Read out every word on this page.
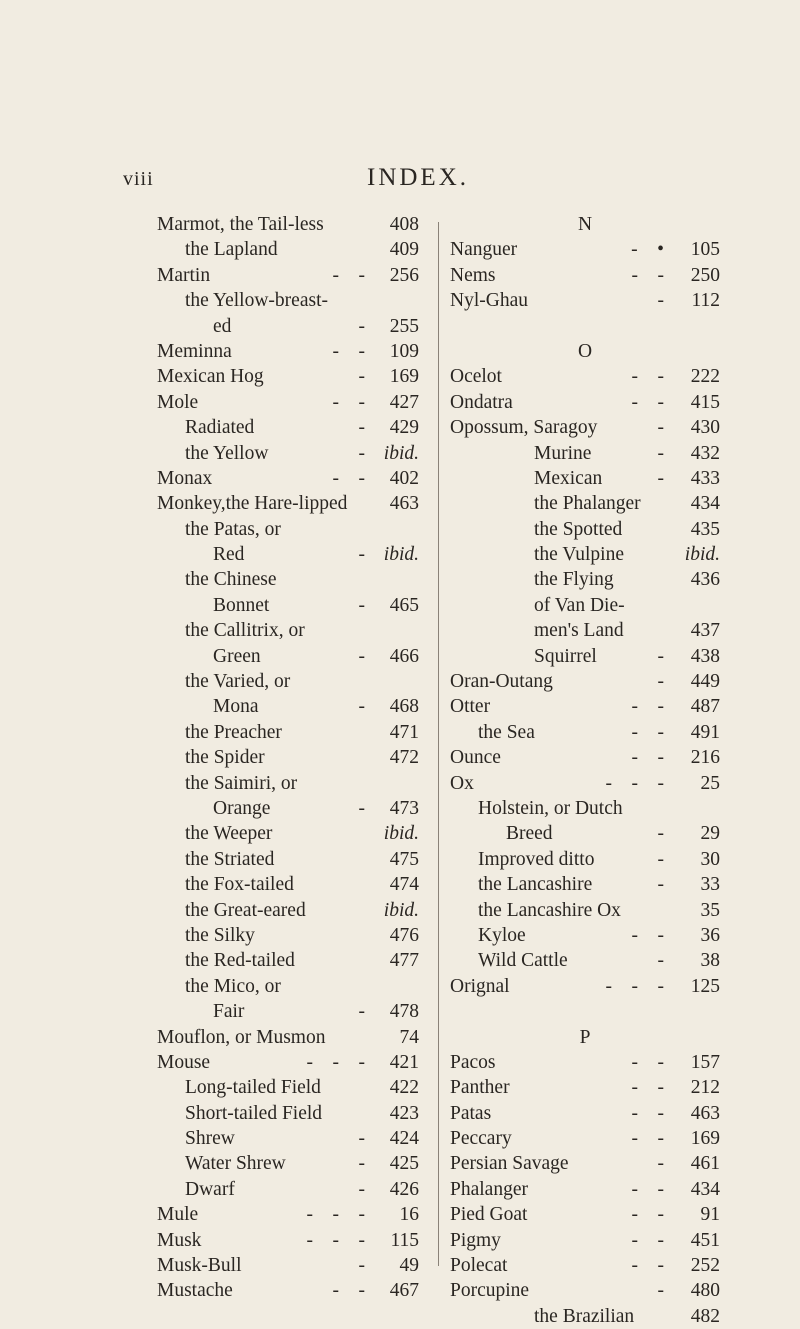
viii	INDEX.
Marmot, the Tail-less	408
the Lapland	409
Martin	-    - 256
the Yellow-breast-
ed	- 255
Meminna	-    - 109
Mexican Hog	- 169
Mole	-    - 427
Radiated	- 429
the Yellow	- ibid.
Monax	-    - 402
Monkey,the Hare-lipped 463
the Patas, or
Red	- ibid.
the Chinese
Bonnet	- 465
the Callitrix, or
Green	- 466
the Varied, or
Mona	- 468
the Preacher	471
the Spider	472
the Saimiri, or
Orange	- 473
the Weeper	ibid.
the Striated	475
the Fox-tailed	474
the Great-eared	ibid.
the Silky	476
the Red-tailed	477
the Mico, or
Fair	- 478
Mouflon, or Musmon	74
Mouse	-    -    - 421
Long-tailed Field	422
Short-tailed Field	423
Shrew	- 424
Water Shrew	- 425
Dwarf	- 426
Mule	-    -    - 16
Musk	-    -    - 115
Musk-Bull	- 49
Mustache	-    - 467
N
Nanguer	-    • 105
Nems	-    - 250
Nyl-Ghau	- 112
O
Ocelot	-    - 222
Ondatra	-    - 415
Opossum, Saragoy	- 430
Murine	- 432
Mexican	- 433
the Phalanger	434
the Spotted	435
the Vulpine	ibid.
the Flying	436
of Van Die-
men's Land	437
Squirrel	- 438
Oran-Outang	- 449
Otter	-    - 487
the Sea	-    - 491
Ounce	-    - 216
Ox	-    -    - 25
Holstein, or Dutch
Breed	- 29
Improved ditto	- 30
the Lancashire	- 33
the Lancashire Ox	35
Kyloe	-    - 36
Wild Cattle	- 38
Orignal	-    -    - 125
P
Pacos	-    - 157
Panther	-    - 212
Patas	-    - 463
Peccary	-    - 169
Persian Savage	- 461
Phalanger	-    - 434
Pied Goat	-    - 91
Pigmy	-    - 451
Polecat	-    - 252
Porcupine	- 480
the Brazilian	482
